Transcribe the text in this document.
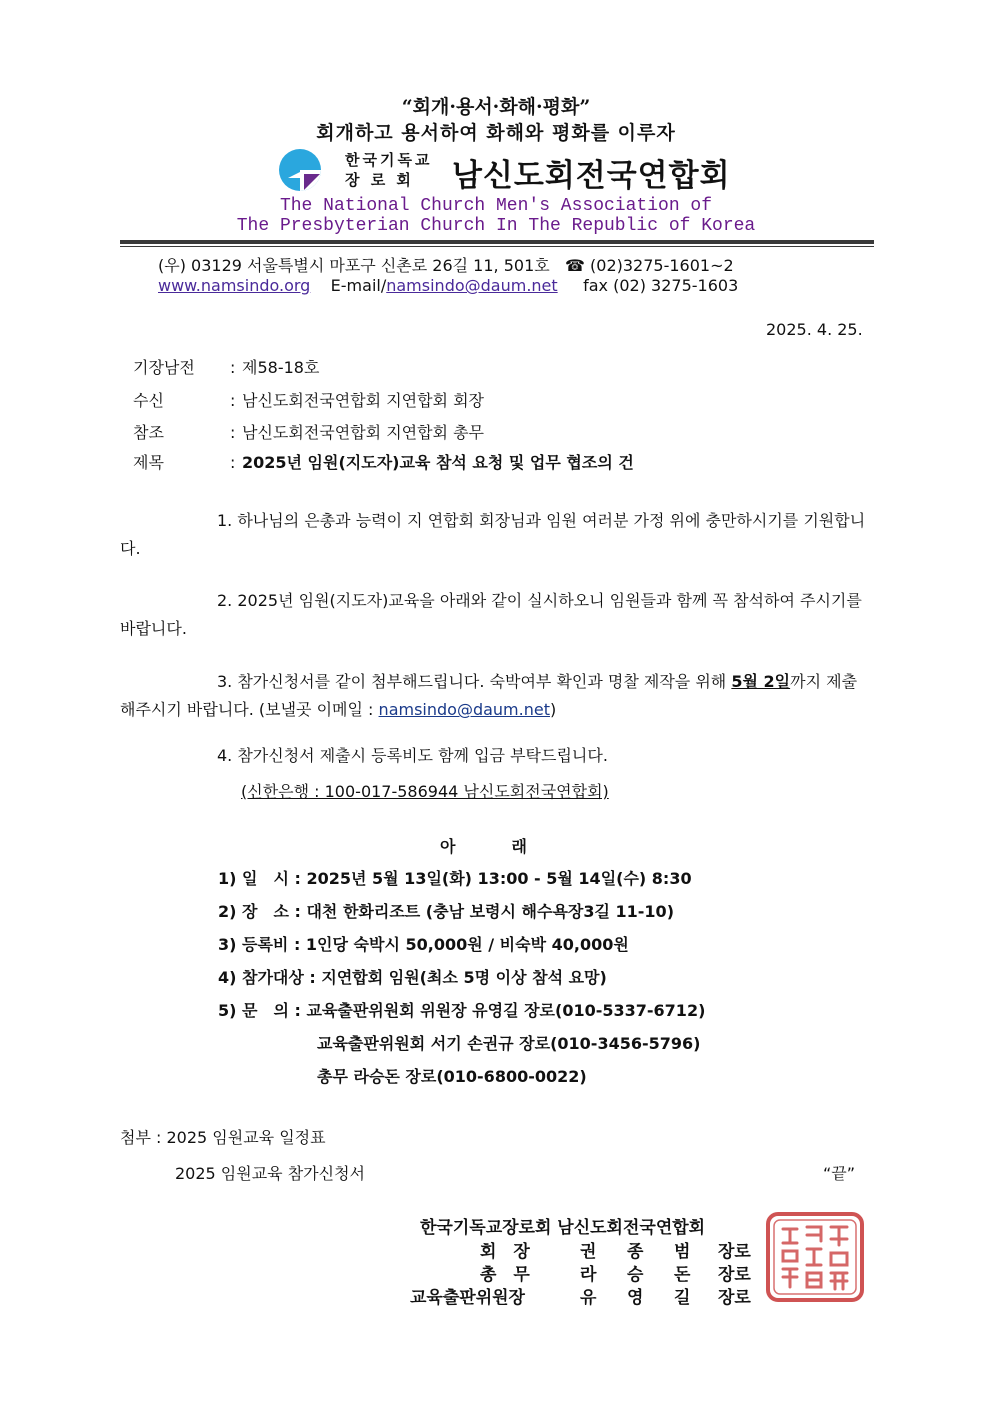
“회개·용서·화해·평화”
회개하고 용서하여 화해와 평화를 이루자
한국기독교
장 로 회	남신도회전국연합회
The National Church Men's Association of
The Presbyterian Church In The Republic of Korea
(우) 03129 서울특별시 마포구 신촌로 26길 11, 501호 ☎ (02)3275-1601~2
www.namsindo.org E-mail/namsindo@daum.net fax (02) 3275-1603
2025. 4. 25.
기장남전 : 제58-18호
수신	: 남신도회전국연합회 지연합회 회장
참조	: 남신도회전국연합회 지연합회 총무
제목	: 2025년 임원(지도자)교육 참석 요청 및 업무 협조의 건
1. 하나님의 은총과 능력이 지 연합회 회장님과 임원 여러분 가정 위에 충만하시기를 기원합니다.
2. 2025년 임원(지도자)교육을 아래와 같이 실시하오니 임원들과 함께 꼭 참석하여 주시기를 바랍니다.
3. 참가신청서를 같이 첨부해드립니다. 숙박여부 확인과 명찰 제작을 위해 5월 2일까지 제출해주시기 바랍니다. (보낼곳 이메일 : namsindo@daum.net)
4. 참가신청서 제출시 등록비도 함께 입금 부탁드립니다.
(신한은행 : 100-017-586944 남신도회전국연합회)
아래
1) 일　시 : 2025년 5월 13일(화) 13:00 - 5월 14일(수) 8:30
2) 장　소 : 대천 한화리조트 (충남 보령시 해수욕장3길 11-10)
3) 등록비 : 1인당 숙박시 50,000원 / 비숙박 40,000원
4) 참가대상 : 지연합회 임원(최소 5명 이상 참석 요망)
5) 문　의 : 교육출판위원회 위원장 유영길 장로(010-5337-6712)
교육출판위원회 서기 손권규 장로(010-3456-5796)
총무 라승돈 장로(010-6800-0022)
첨부 : 2025 임원교육 일정표
2025 임원교육 참가신청서	“끝”
한국기독교장로회 남신도회전국연합회
회　장	권 종 범 장로
총　무	라 승 돈 장로
교육출판위원장	유 영 길 장로
